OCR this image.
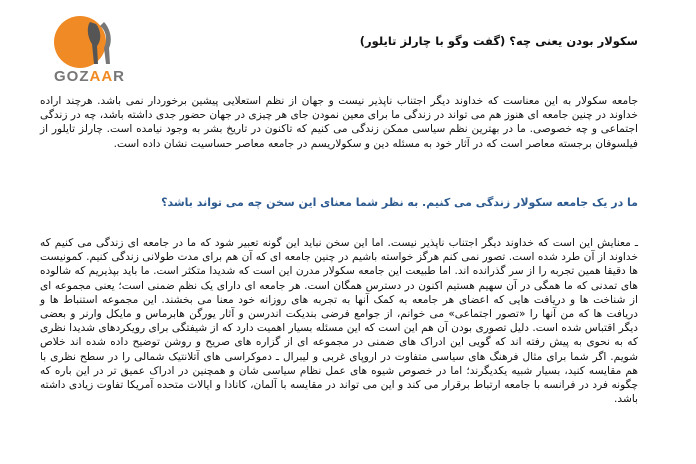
GOZAAR
سکولار بودن یعنی چه؟ (گفت وگو با چارلز تایلور)

جامعه سکولار به این معناست که خداوند دیگر اجتناب ناپذیر نیست و جهان از نظم استعلایی پیشین برخوردار نمی باشد. هرچند اراده خداوند در چنین جامعه ای هنوز هم می تواند در زندگی ما برای معین نمودن جای هر چیزی در جهان حضور جدی داشته باشد، چه در زندگی اجتماعی و چه خصوصی. ما در بهترین نظم سیاسی ممکن زندگی می کنیم که تاکنون در تاریخ بشر به وجود نیامده است. چارلز تایلور از فیلسوفان برجسته معاصر است که در آثار خود به مسئله دین و سکولاریسم در جامعه معاصر حساسیت نشان داده است.

ما در یک جامعه سکولار زندگی می کنیم. به نظر شما معنای این سخن چه می تواند باشد؟

ـ معنایش این است که خداوند دیگر اجتناب ناپذیر نیست. اما این سخن نباید این گونه تعبیر شود که ما در جامعه ای زندگی می کنیم که خداوند از آن طرد شده است. تصور نمی کنم هرگز خواسته باشیم در چنین جامعه ای که آن هم برای مدت طولانی زندگی کنیم. کمونیست ها دقیقا همین تجربه را از سر گذرانده اند. اما طبیعت این جامعه سکولار مدرن این است که شدیدا متکثر است. ما باید بپذیریم که شالوده های تمدنی که ما همگی در آن سهیم هستیم اکنون در دسترس همگان است. هر جامعه ای دارای یک نظم ضمنی است؛ یعنی مجموعه ای از شناخت ها و دریافت هایی که اعضای هر جامعه به کمک آنها به تجربه های روزانه خود معنا می بخشند. این مجموعه استنباط ها و دریافت ها که من آنها را «تصور اجتماعی» می خوانم، از جوامع فرضی بندیکت اندرسن و آثار یورگن هابرماس و مایکل وارنر و بعضی دیگر اقتباس شده است. دلیل تصوری بودن آن هم این است که این مسئله بسیار اهمیت دارد که از شیفتگی برای رویکردهای شدیدا نظری که به نحوی به پیش رفته اند که گویی این ادراک های ضمنی در مجموعه ای از گزاره های صریح و روشن توضیح داده شده اند خلاص شویم. اگر شما برای مثال فرهنگ های سیاسی متفاوت در اروپای غربی و لیبرال ـ دموکراسی های آتلانتیک شمالی را در سطح نظری با هم مقایسه کنید، بسیار شبیه یکدیگرند؛ اما در خصوص شیوه های عمل نظام سیاسی شان و همچنین در ادراک عمیق تر در این باره که چگونه فرد در فرانسه با جامعه ارتباط برقرار می کند و این می تواند در مقایسه با آلمان، کانادا و ایالات متحده آمریکا تفاوت زیادی داشته باشد.
